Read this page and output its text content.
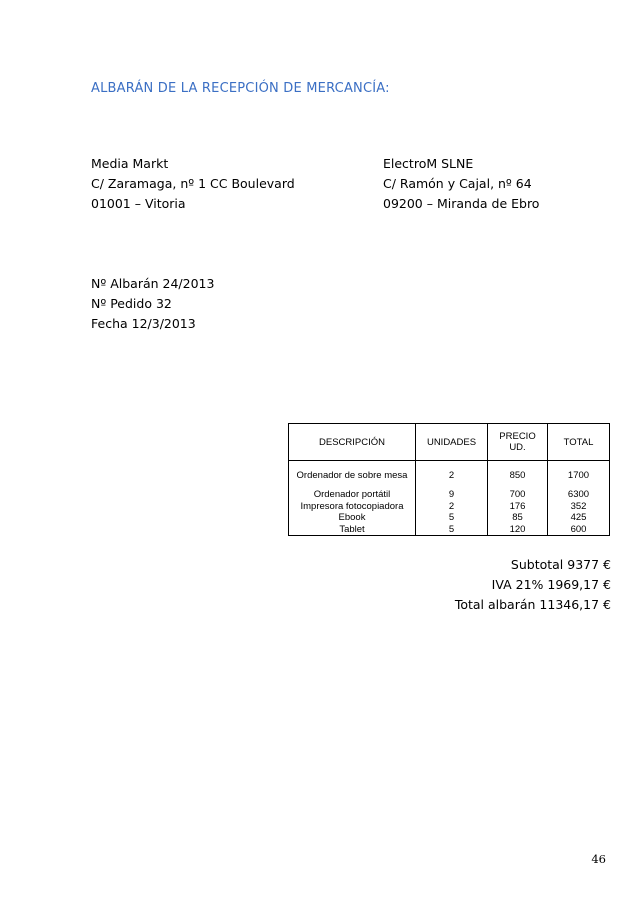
ALBARÁN DE LA RECEPCIÓN DE MERCANCÍA:
Media Markt
C/ Zaramaga, nº 1 CC Boulevard
01001 – Vitoria
ElectroM SLNE
C/ Ramón y Cajal, nº 64
09200 – Miranda de Ebro
Nº Albarán 24/2013
Nº Pedido 32
Fecha 12/3/2013
DESCRIPCIÓN	UNIDADES	PRECIO UD.	TOTAL
Ordenador de sobre mesa	2	850	1700
Ordenador portátil	9	700	6300
Impresora fotocopiadora	2	176	352
Ebook	5	85	425
Tablet	5	120	600
Subtotal 9377 €
IVA 21% 1969,17 €
Total albarán 11346,17 €
46
